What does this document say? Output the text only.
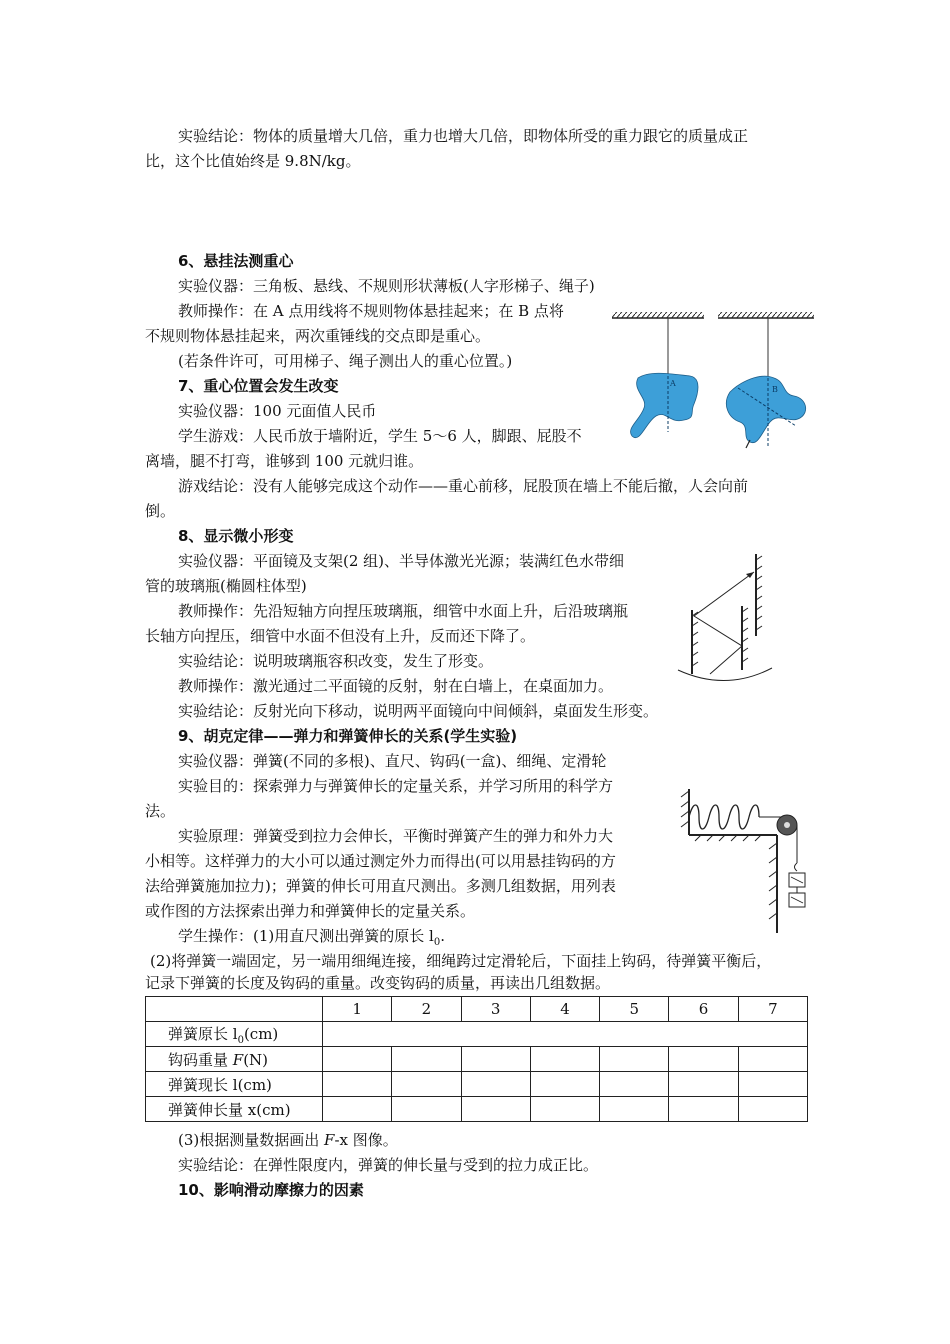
实验结论：物体的质量增大几倍，重力也增大几倍，即物体所受的重力跟它的质量成正
比，这个比值始终是 9.8N/kg。
6、悬挂法测重心
实验仪器：三角板、悬线、不规则形状薄板(人字形梯子、绳子)
教师操作：在 A 点用线将不规则物体悬挂起来；在 B 点将
不规则物体悬挂起来，两次重锤线的交点即是重心。
(若条件许可，可用梯子、绳子测出人的重心位置。)
7、重心位置会发生改变
实验仪器：100 元面值人民币
学生游戏：人民币放于墙附近，学生 5～6 人，脚跟、屁股不
离墙，腿不打弯，谁够到 100 元就归谁。
游戏结论：没有人能够完成这个动作——重心前移，屁股顶在墙上不能后撤，人会向前
倒。
8、显示微小形变
实验仪器：平面镜及支架(2 组)、半导体激光光源；装满红色水带细
管的玻璃瓶(椭圆柱体型)
教师操作：先沿短轴方向捏压玻璃瓶，细管中水面上升，后沿玻璃瓶
长轴方向捏压，细管中水面不但没有上升，反而还下降了。
实验结论：说明玻璃瓶容积改变，发生了形变。
教师操作：激光通过二平面镜的反射，射在白墙上，在桌面加力。
实验结论：反射光向下移动，说明两平面镜向中间倾斜，桌面发生形变。
9、胡克定律——弹力和弹簧伸长的关系(学生实验)
实验仪器：弹簧(不同的多根)、直尺、钩码(一盒)、细绳、定滑轮
实验目的：探索弹力与弹簧伸长的定量关系，并学习所用的科学方
法。
实验原理：弹簧受到拉力会伸长，平衡时弹簧产生的弹力和外力大
小相等。这样弹力的大小可以通过测定外力而得出(可以用悬挂钩码的方
法给弹簧施加拉力)；弹簧的伸长可用直尺测出。多测几组数据，用列表
或作图的方法探索出弹力和弹簧伸长的定量关系。
学生操作：(1)用直尺测出弹簧的原长 $l_0$.
(2)将弹簧一端固定，另一端用细绳连接，细绳跨过定滑轮后，下面挂上钩码，待弹簧平衡后，
记录下弹簧的长度及钩码的重量。改变钩码的质量，再读出几组数据。
	1	2	3	4	5	6	7
弹簧原长 $l_0(cm)$							
钩码重量 F(N)							
弹簧现长 l(cm)							
弹簧伸长量 x(cm)							
(3)根据测量数据画出 F-x 图像。
实验结论：在弹性限度内，弹簧的伸长量与受到的拉力成正比。
10、影响滑动摩擦力的因素
A
B
